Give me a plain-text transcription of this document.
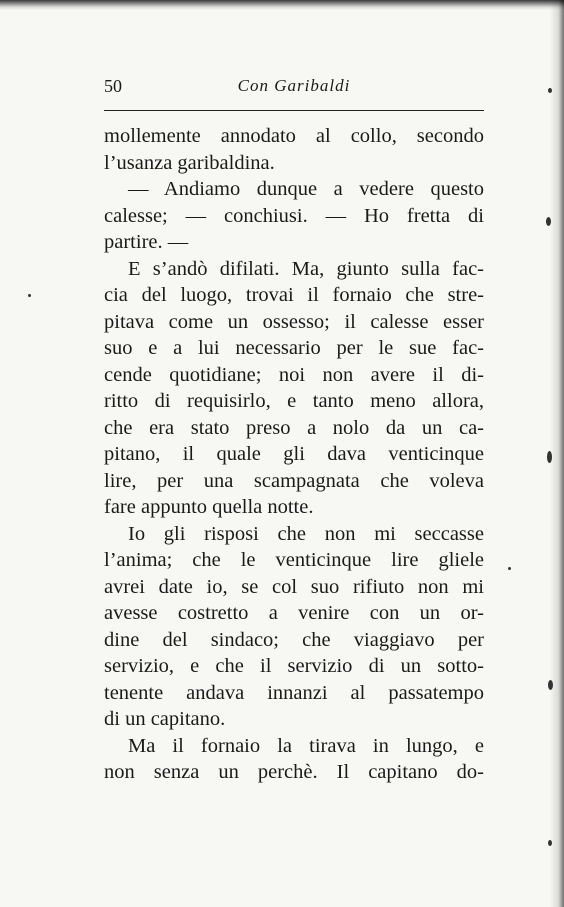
50	Con Garibaldi
mollemente annodato al collo, secondo
l’usanza garibaldina.
— Andiamo dunque a vedere questo
calesse; — conchiusi. — Ho fretta di
partire. —
E s’andò difilati. Ma, giunto sulla fac-
cia del luogo, trovai il fornaio che stre-
pitava come un ossesso; il calesse esser
suo e a lui necessario per le sue fac-
cende quotidiane; noi non avere il di-
ritto di requisirlo, e tanto meno allora,
che era stato preso a nolo da un ca-
pitano, il quale gli dava venticinque
lire, per una scampagnata che voleva
fare appunto quella notte.
Io gli risposi che non mi seccasse
l’anima; che le venticinque lire gliele
avrei date io, se col suo rifiuto non mi
avesse costretto a venire con un or-
dine del sindaco; che viaggiavo per
servizio, e che il servizio di un sotto-
tenente andava innanzi al passatempo
di un capitano.
Ma il fornaio la tirava in lungo, e
non senza un perchè. Il capitano do-
